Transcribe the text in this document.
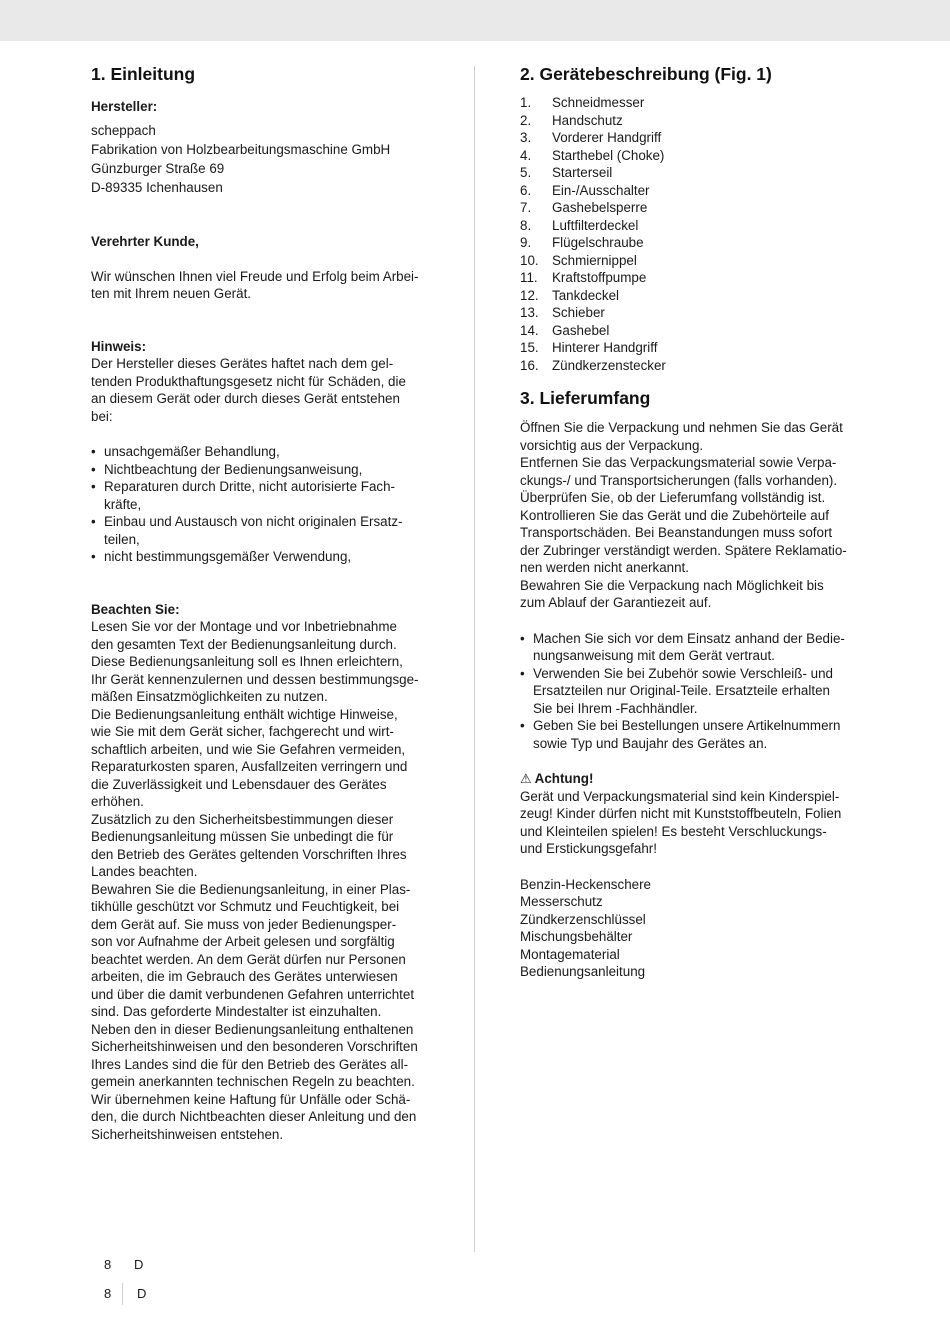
1. Einleitung

Hersteller:

scheppach

Fabrikation von Holzbearbeitungsmaschine GmbH

Günzburger Straße 69

D-89335 Ichenhausen

Verehrter Kunde,

Wir wünschen Ihnen viel Freude und Erfolg beim Arbei-

ten mit Ihrem neuen Gerät.

Hinweis:

Der Hersteller dieses Gerätes haftet nach dem gel-

tenden Produkthaftungsgesetz nicht für Schäden, die

an diesem Gerät oder durch dieses Gerät entstehen

bei:

• unsachgemäßer Behandlung,
• Nichtbeachtung der Bedienungsanweisung,
• Reparaturen durch Dritte, nicht autorisierte Fach-
kräfte,
• Einbau und Austausch von nicht originalen Ersatz-
teilen,
• nicht bestimmungsgemäßer Verwendung,

Beachten Sie:

Lesen Sie vor der Montage und vor Inbetriebnahme

den gesamten Text der Bedienungsanleitung durch.

Diese Bedienungsanleitung soll es Ihnen erleichtern,

Ihr Gerät kennenzulernen und dessen bestimmungsge-

mäßen Einsatzmöglichkeiten zu nutzen.

Die Bedienungsanleitung enthält wichtige Hinweise,

wie Sie mit dem Gerät sicher, fachgerecht und wirt-

schaftlich arbeiten, und wie Sie Gefahren vermeiden,

Reparaturkosten sparen, Ausfallzeiten verringern und

die Zuverlässigkeit und Lebensdauer des Gerätes

erhöhen.

Zusätzlich zu den Sicherheitsbestimmungen dieser

Bedienungsanleitung müssen Sie unbedingt die für

den Betrieb des Gerätes geltenden Vorschriften Ihres

Landes beachten.

Bewahren Sie die Bedienungsanleitung, in einer Plas-

tikhülle geschützt vor Schmutz und Feuchtigkeit, bei

dem Gerät auf. Sie muss von jeder Bedienungsper-

son vor Aufnahme der Arbeit gelesen und sorgfältig

beachtet werden. An dem Gerät dürfen nur Personen

arbeiten, die im Gebrauch des Gerätes unterwiesen

und über die damit verbundenen Gefahren unterrichtet

sind. Das geforderte Mindestalter ist einzuhalten.

Neben den in dieser Bedienungsanleitung enthaltenen

Sicherheitshinweisen und den besonderen Vorschriften

Ihres Landes sind die für den Betrieb des Gerätes all-

gemein anerkannten technischen Regeln zu beachten.

Wir übernehmen keine Haftung für Unfälle oder Schä-

den, die durch Nichtbeachten dieser Anleitung und den

Sicherheitshinweisen entstehen.

2. Gerätebeschreibung (Fig. 1)
1.	Schneidmesser
2.	Handschutz
3.	Vorderer Handgriff
4.	Starthebel (Choke)
5.	Starterseil
6.	Ein-/Ausschalter
7.	Gashebelsperre
8.	Luftfilterdeckel
9.	Flügelschraube
10. Schmiernippel
11.	Kraftstoffpumpe
12. Tankdeckel
13. Schieber
14. Gashebel
15. Hinterer Handgriff
16. Zündkerzenstecker
3. Lieferumfang

Öffnen Sie die Verpackung und nehmen Sie das Gerät

vorsichtig aus der Verpackung.

Entfernen Sie das Verpackungsmaterial sowie Verpa-

ckungs-/ und Transportsicherungen (falls vorhanden).

Überprüfen Sie, ob der Lieferumfang vollständig ist.

Kontrollieren Sie das Gerät und die Zubehörteile auf

Transportschäden. Bei Beanstandungen muss sofort

der Zubringer verständigt werden. Spätere Reklamatio-

nen werden nicht anerkannt.

Bewahren Sie die Verpackung nach Möglichkeit bis

zum Ablauf der Garantiezeit auf.

• Machen Sie sich vor dem Einsatz anhand der Bedie-
nungsanweisung mit dem Gerät vertraut.
• Verwenden Sie bei Zubehör sowie Verschleiß- und
Ersatzteilen nur Original-Teile. Ersatzteile erhalten
Sie bei Ihrem -Fachhändler.
• Geben Sie bei Bestellungen unsere Artikelnummern
sowie Typ und Baujahr des Gerätes an.

⚠ Achtung!

Gerät und Verpackungsmaterial sind kein Kinderspiel-

zeug! Kinder dürfen nicht mit Kunststoffbeuteln, Folien

und Kleinteilen spielen! Es besteht Verschluckungs-

und Erstickungsgefahr!

Benzin-Heckenschere

Messerschutz

Zündkerzenschlüssel

Mischungsbehälter

Montagematerial

Bedienungsanleitung

8 D
8	D
